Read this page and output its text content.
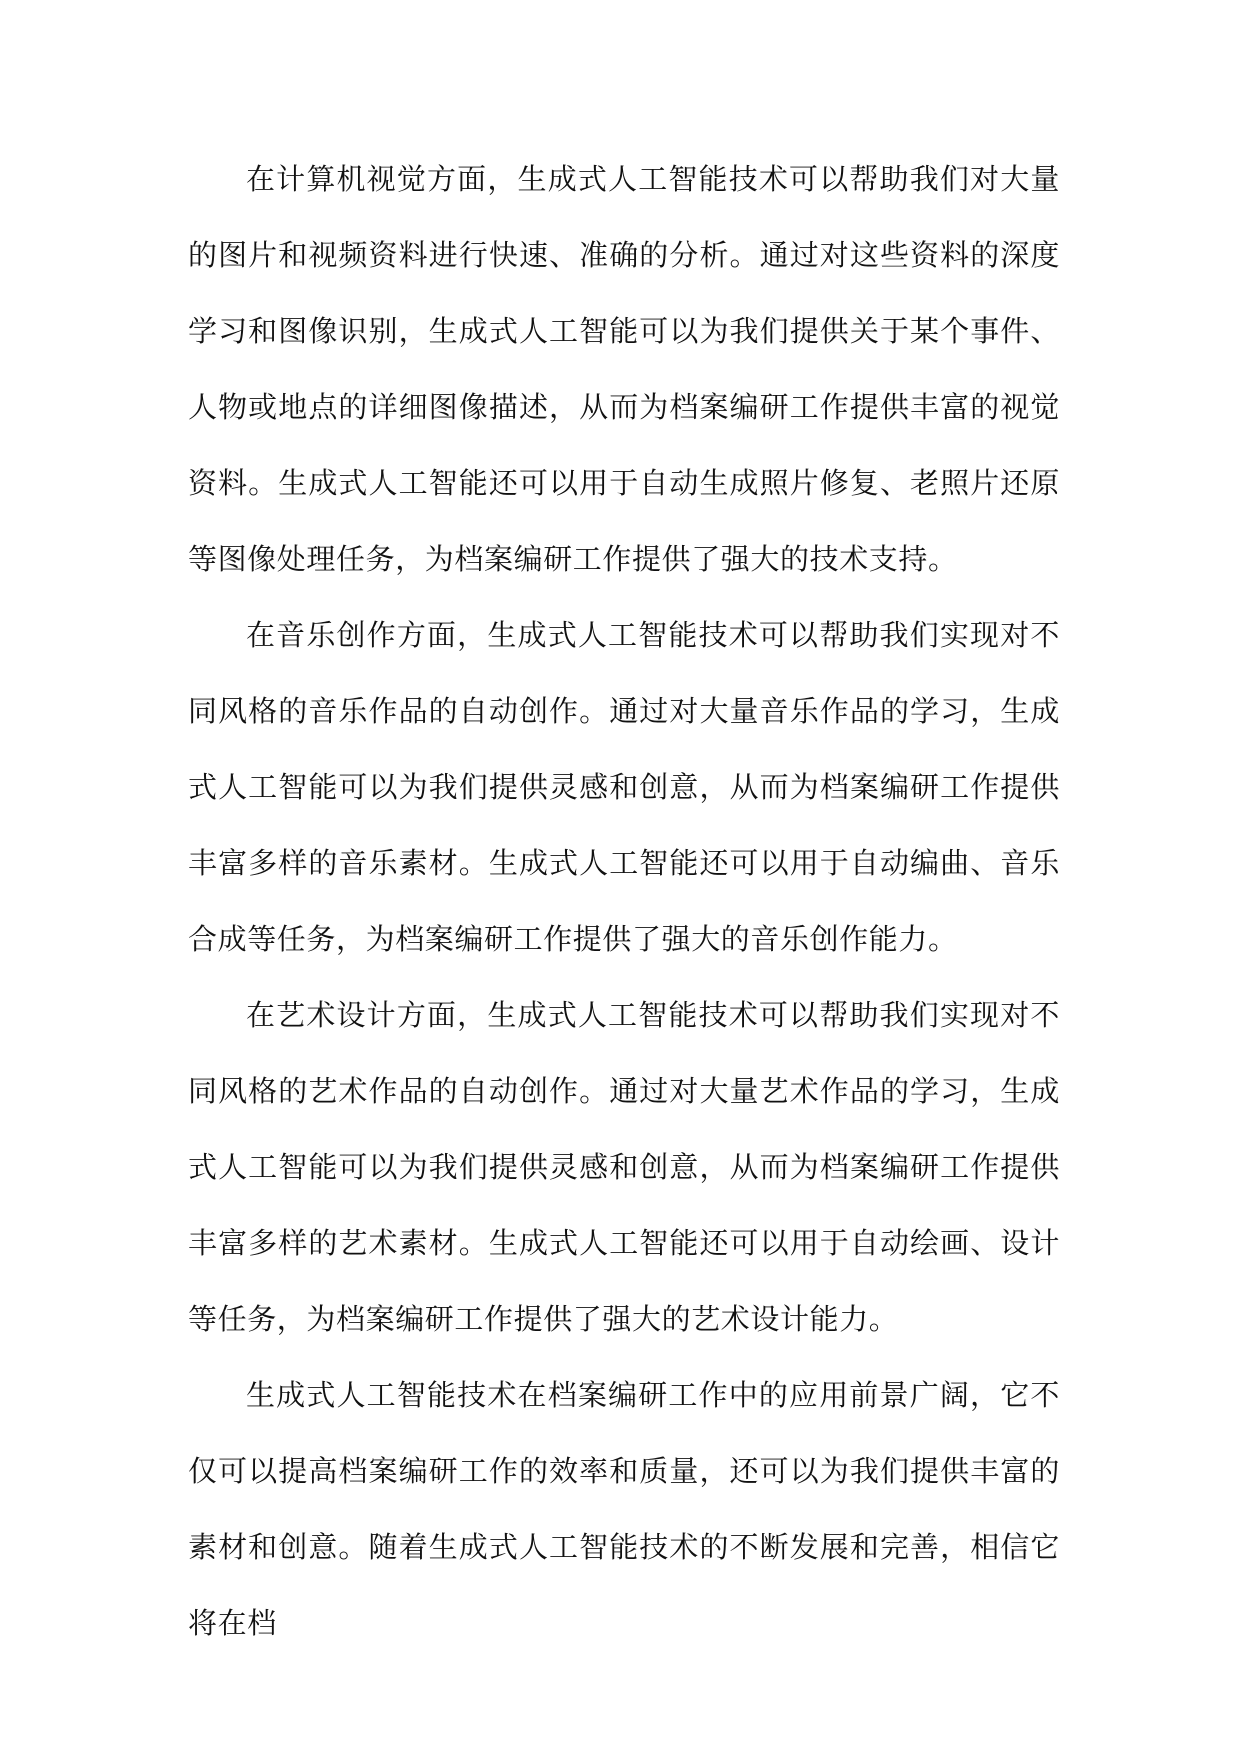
在计算机视觉方面，生成式人工智能技术可以帮助我们对大量的图片和视频资料进行快速、准确的分析。通过对这些资料的深度学习和图像识别，生成式人工智能可以为我们提供关于某个事件、人物或地点的详细图像描述，从而为档案编研工作提供丰富的视觉资料。生成式人工智能还可以用于自动生成照片修复、老照片还原等图像处理任务，为档案编研工作提供了强大的技术支持。

在音乐创作方面，生成式人工智能技术可以帮助我们实现对不同风格的音乐作品的自动创作。通过对大量音乐作品的学习，生成式人工智能可以为我们提供灵感和创意，从而为档案编研工作提供丰富多样的音乐素材。生成式人工智能还可以用于自动编曲、音乐合成等任务，为档案编研工作提供了强大的音乐创作能力。

在艺术设计方面，生成式人工智能技术可以帮助我们实现对不同风格的艺术作品的自动创作。通过对大量艺术作品的学习，生成式人工智能可以为我们提供灵感和创意，从而为档案编研工作提供丰富多样的艺术素材。生成式人工智能还可以用于自动绘画、设计等任务，为档案编研工作提供了强大的艺术设计能力。

生成式人工智能技术在档案编研工作中的应用前景广阔，它不仅可以提高档案编研工作的效率和质量，还可以为我们提供丰富的素材和创意。随着生成式人工智能技术的不断发展和完善，相信它将在档
